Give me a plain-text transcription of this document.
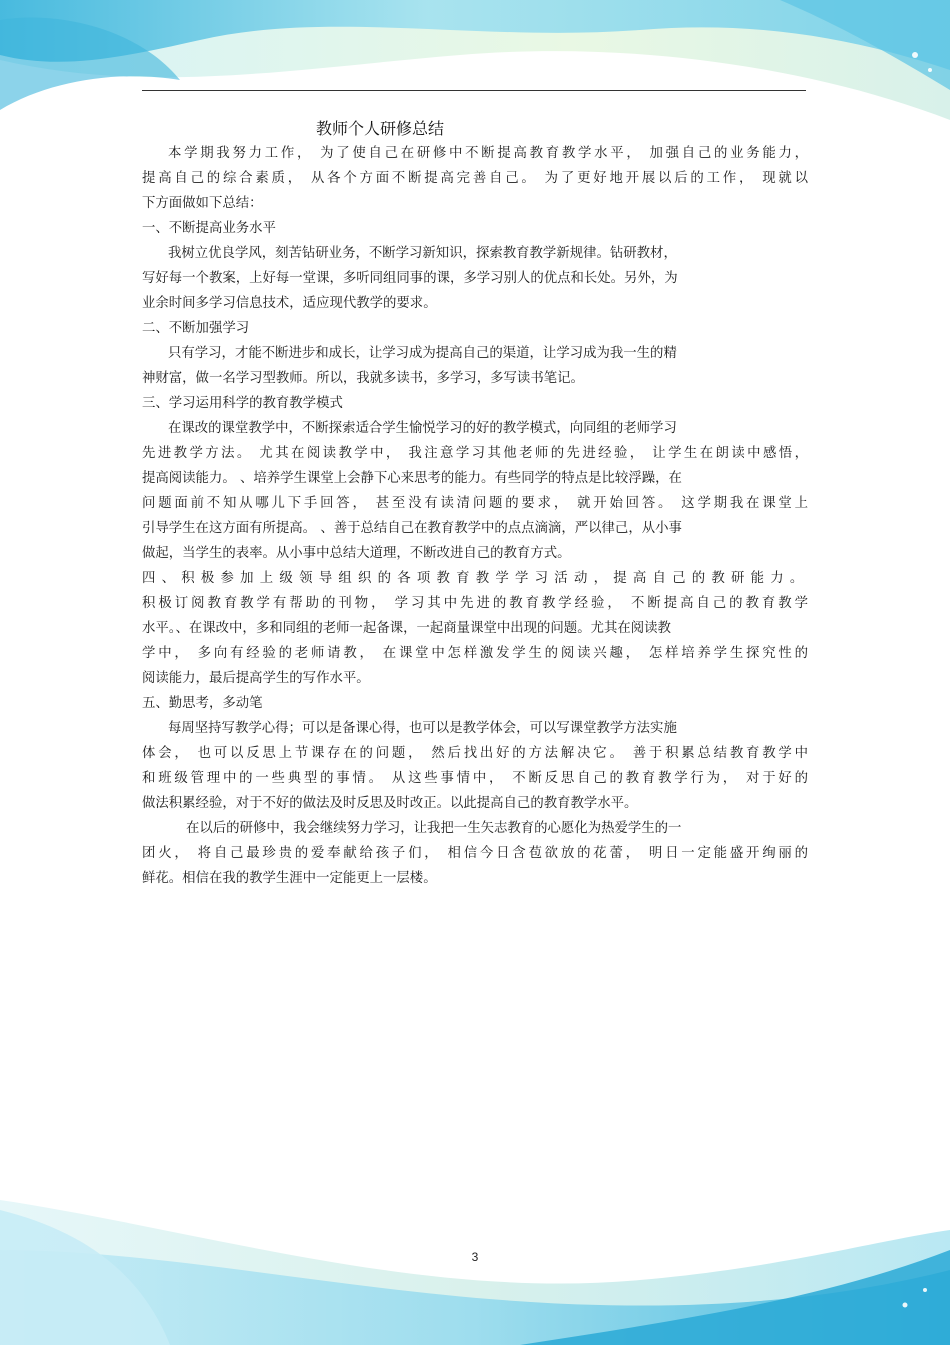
教师个人研修总结
本学期我努力工作， 为了使自己在研修中不断提高教育教学水平， 加强自己的业务能力，
提高自己的综合素质， 从各个方面不断提高完善自己。 为了更好地开展以后的工作， 现就以
下方面做如下总结：
一、不断提高业务水平
我树立优良学风，刻苦钻研业务，不断学习新知识，探索教育教学新规律。钻研教材，
写好每一个教案，上好每一堂课，多听同组同事的课，多学习别人的优点和长处。另外，为
业余时间多学习信息技术，适应现代教学的要求。
二、不断加强学习
只有学习，才能不断进步和成长，让学习成为提高自己的渠道，让学习成为我一生的精
神财富，做一名学习型教师。所以，我就多读书，多学习，多写读书笔记。
三、学习运用科学的教育教学模式
在课改的课堂教学中，不断探索适合学生愉悦学习的好的教学模式，向同组的老师学习
先进教学方法。 尤其在阅读教学中， 我注意学习其他老师的先进经验， 让学生在朗读中感悟，
提高阅读能力。 、培养学生课堂上会静下心来思考的能力。有些同学的特点是比较浮躁，在
问题面前不知从哪儿下手回答， 甚至没有读清问题的要求， 就开始回答。 这学期我在课堂上
引导学生在这方面有所提高。 、善于总结自己在教育教学中的点点滴滴，严以律己，从小事
做起，当学生的表率。从小事中总结大道理，不断改进自己的教育方式。
四、积极参加上级领导组织的各项教育教学学习活动，提高自己的教研能力。
积极订阅教育教学有帮助的刊物， 学习其中先进的教育教学经验， 不断提高自己的教育教学
水平。、在课改中，多和同组的老师一起备课，一起商量课堂中出现的问题。尤其在阅读教
学中， 多向有经验的老师请教， 在课堂中怎样激发学生的阅读兴趣， 怎样培养学生探究性的
阅读能力，最后提高学生的写作水平。
五、勤思考，多动笔
每周坚持写教学心得；可以是备课心得，也可以是教学体会，可以写课堂教学方法实施
体会， 也可以反思上节课存在的问题， 然后找出好的方法解决它。 善于积累总结教育教学中
和班级管理中的一些典型的事情。 从这些事情中， 不断反思自己的教育教学行为， 对于好的
做法积累经验，对于不好的做法及时反思及时改正。以此提高自己的教育教学水平。
在以后的研修中，我会继续努力学习，让我把一生矢志教育的心愿化为热爱学生的一
团火， 将自己最珍贵的爱奉献给孩子们， 相信今日含苞欲放的花蕾， 明日一定能盛开绚丽的
鲜花。相信在我的教学生涯中一定能更上一层楼。
3
